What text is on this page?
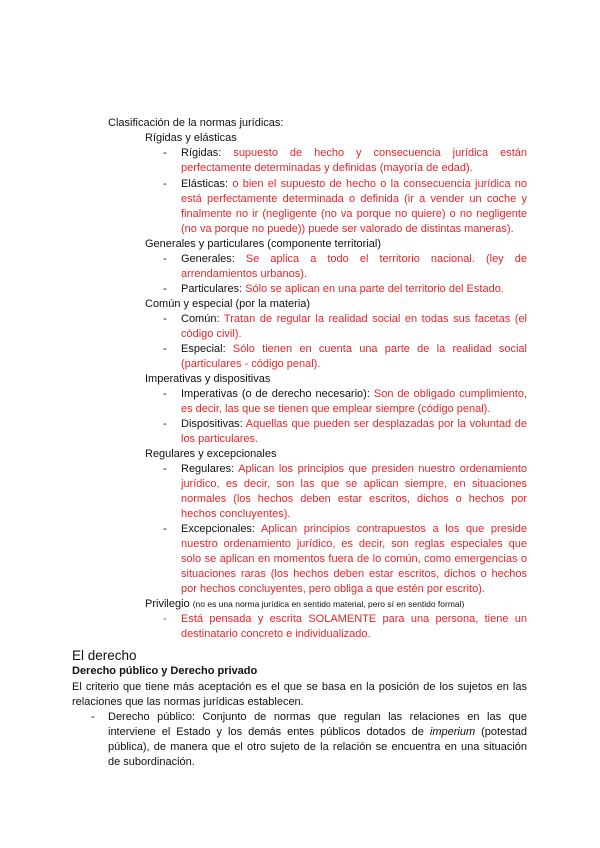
Clasificación de la normas jurídicas:
Rígidas y elásticas
-	Rígidas: supuesto de hecho y consecuencia jurídica están
perfectamente determinadas y definidas (mayoría de edad).
-	Elásticas: o bien el supuesto de hecho o la consecuencia jurídica no
está perfectamente determinada o definida (ir a vender un coche y
finalmente no ir (negligente (no va porque no quiere) o no negligente
(no va porque no puede)) puede ser valorado de distintas maneras).
Generales y particulares (componente territorial)
-	Generales: Se aplica a todo el territorio nacional. (ley de
arrendamientos urbanos).
-	Particulares: Sólo se aplican en una parte del territorio del Estado.
Común y especial (por la materia)
-	Común: Tratan de regular la realidad social en todas sus facetas (el
código civil).
-	Especial: Sólo tienen en cuenta una parte de la realidad social
(particulares - código penal).
Imperativas y dispositivas
-	Imperativas (o de derecho necesario): Son de obligado cumplimiento,
es decir, las que se tienen que emplear siempre (código penal).
-	Dispositivas: Aquellas que pueden ser desplazadas por la voluntad de
los particulares.
Regulares y excepcionales
-	Regulares: Aplican los principios que presiden nuestro ordenamiento
jurídico, es decir, son las que se aplican siempre, en situaciones
normales (los hechos deben estar escritos, dichos o hechos por
hechos concluyentes).
-	Excepcionales: Aplican principios contrapuestos a los que preside
nuestro ordenamiento jurídico, es decir, son reglas especiales que
solo se aplican en momentos fuera de lo común, como emergencias o
situaciones raras (los hechos deben estar escritos, dichos o hechos
por hechos concluyentes, pero obliga a que estén por escrito).
Privilegio (no es una norma jurídica en sentido material, pero sí en sentido formal)
-	Está pensada y escrita SOLAMENTE para una persona, tiene un
destinatario concreto e individualizado.
El derecho
Derecho público y Derecho privado
El criterio que tiene más aceptación es el que se basa en la posición de los sujetos en las
relaciones que las normas jurídicas establecen.
-	Derecho público: Conjunto de normas que regulan las relaciones en las que
interviene el Estado y los demás entes públicos dotados de imperium (potestad
pública), de manera que el otro sujeto de la relación se encuentra en una situación
de subordinación.
